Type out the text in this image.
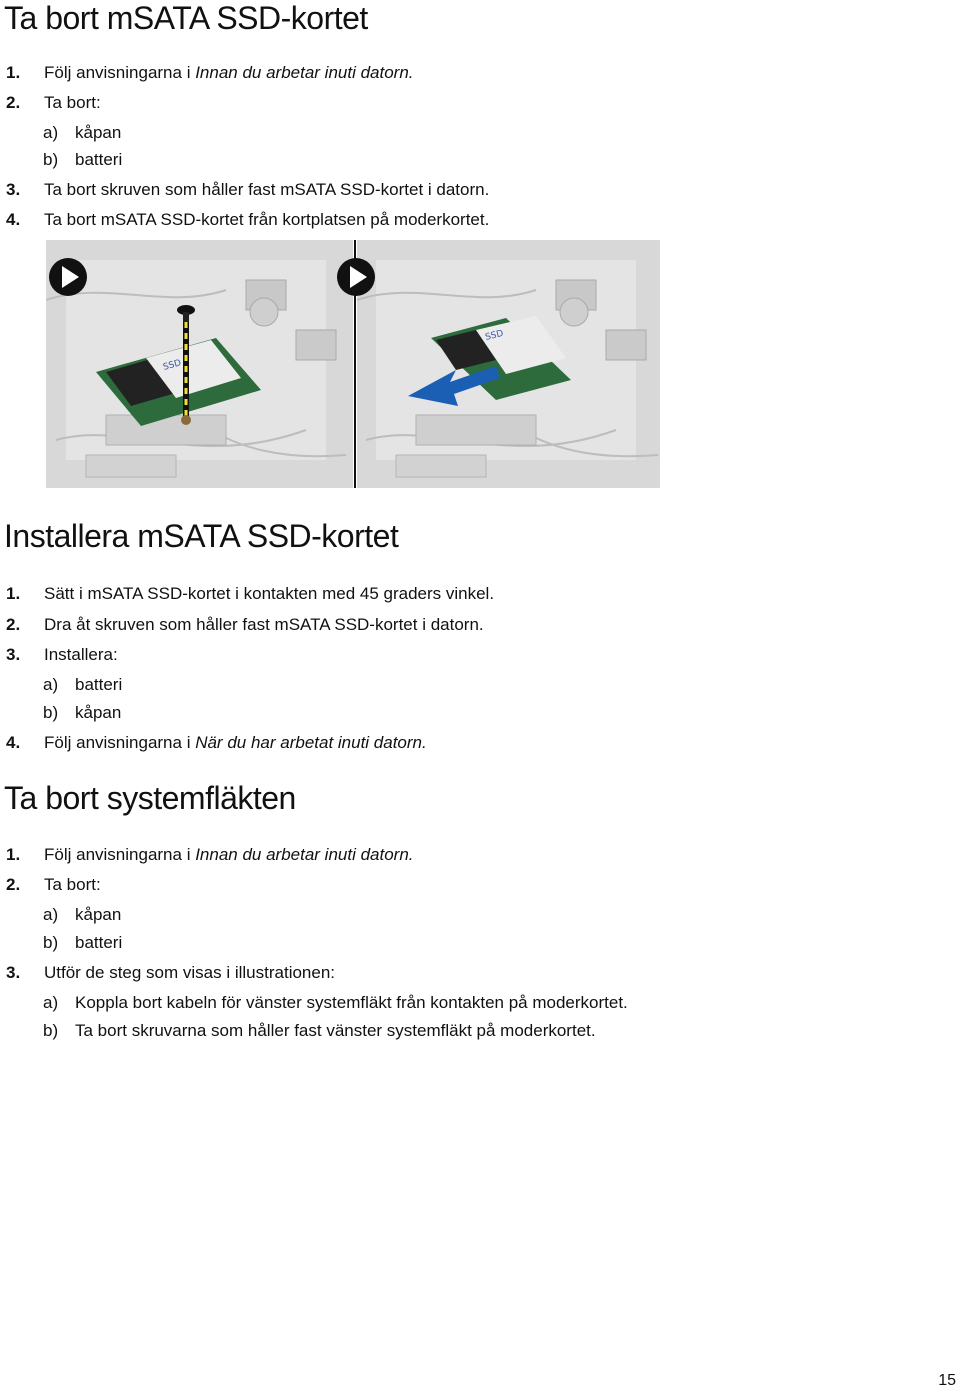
Ta bort mSATA SSD-kortet
1. Följ anvisningarna i Innan du arbetar inuti datorn.
2. Ta bort:
a) kåpan
b) batteri
3. Ta bort skruven som håller fast mSATA SSD-kortet i datorn.
4. Ta bort mSATA SSD-kortet från kortplatsen på moderkortet.
SSD
SSD
Installera mSATA SSD-kortet
1. Sätt i mSATA SSD-kortet i kontakten med 45 graders vinkel.
2. Dra åt skruven som håller fast mSATA SSD-kortet i datorn.
3. Installera:
a) batteri
b) kåpan
4. Följ anvisningarna i När du har arbetat inuti datorn.
Ta bort systemfläkten
1. Följ anvisningarna i Innan du arbetar inuti datorn.
2. Ta bort:
a) kåpan
b) batteri
3. Utför de steg som visas i illustrationen:
a) Koppla bort kabeln för vänster systemfläkt från kontakten på moderkortet.
b) Ta bort skruvarna som håller fast vänster systemfläkt på moderkortet.
15
